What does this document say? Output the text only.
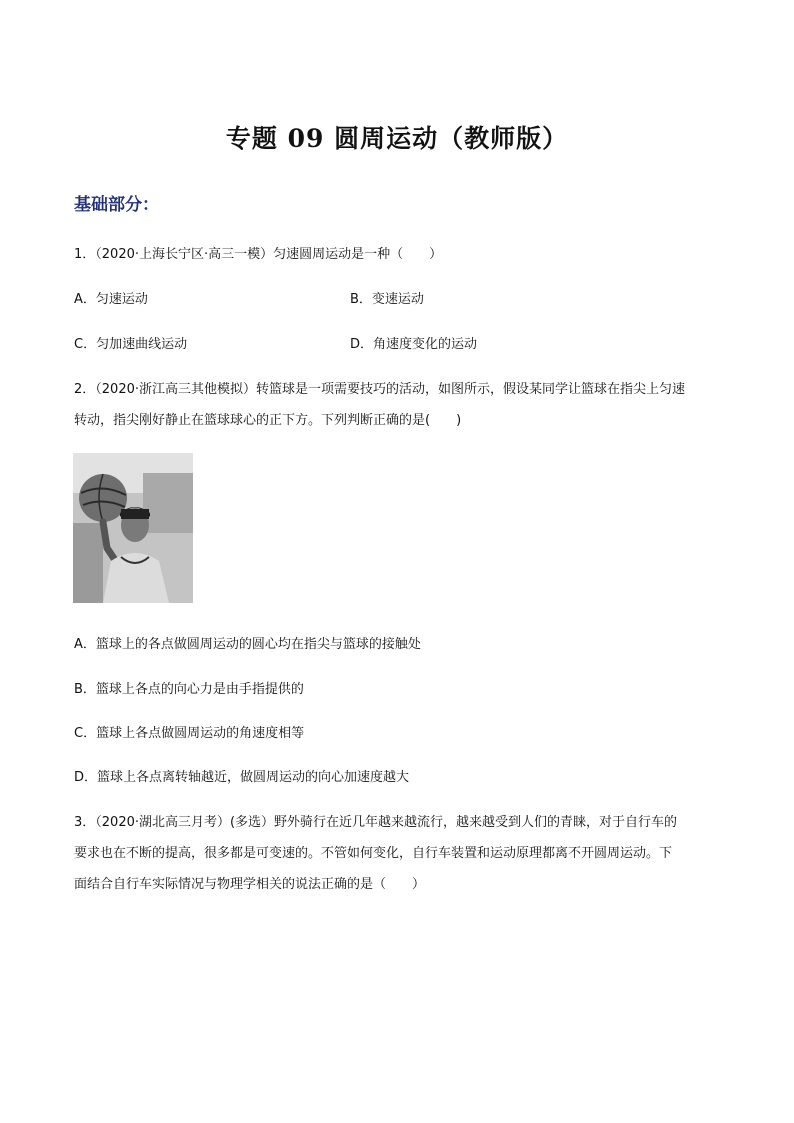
专题 09 圆周运动（教师版）
基础部分：
1．（2020·上海长宁区·高三一模）匀速圆周运动是一种（　　）
A．匀速运动	B．变速运动
C．匀加速曲线运动	D．角速度变化的运动
2．（2020·浙江高三其他模拟）转篮球是一项需要技巧的活动，如图所示，假设某同学让篮球在指尖上匀速
转动，指尖刚好静止在篮球球心的正下方。下列判断正确的是(　　)
A．篮球上的各点做圆周运动的圆心均在指尖与篮球的接触处
B．篮球上各点的向心力是由手指提供的
C．篮球上各点做圆周运动的角速度相等
D．篮球上各点离转轴越近，做圆周运动的向心加速度越大
3．（2020·湖北高三月考）(多选）野外骑行在近几年越来越流行，越来越受到人们的青睐，对于自行车的
要求也在不断的提高，很多都是可变速的。不管如何变化，自行车装置和运动原理都离不开圆周运动。下
面结合自行车实际情况与物理学相关的说法正确的是（　　）
